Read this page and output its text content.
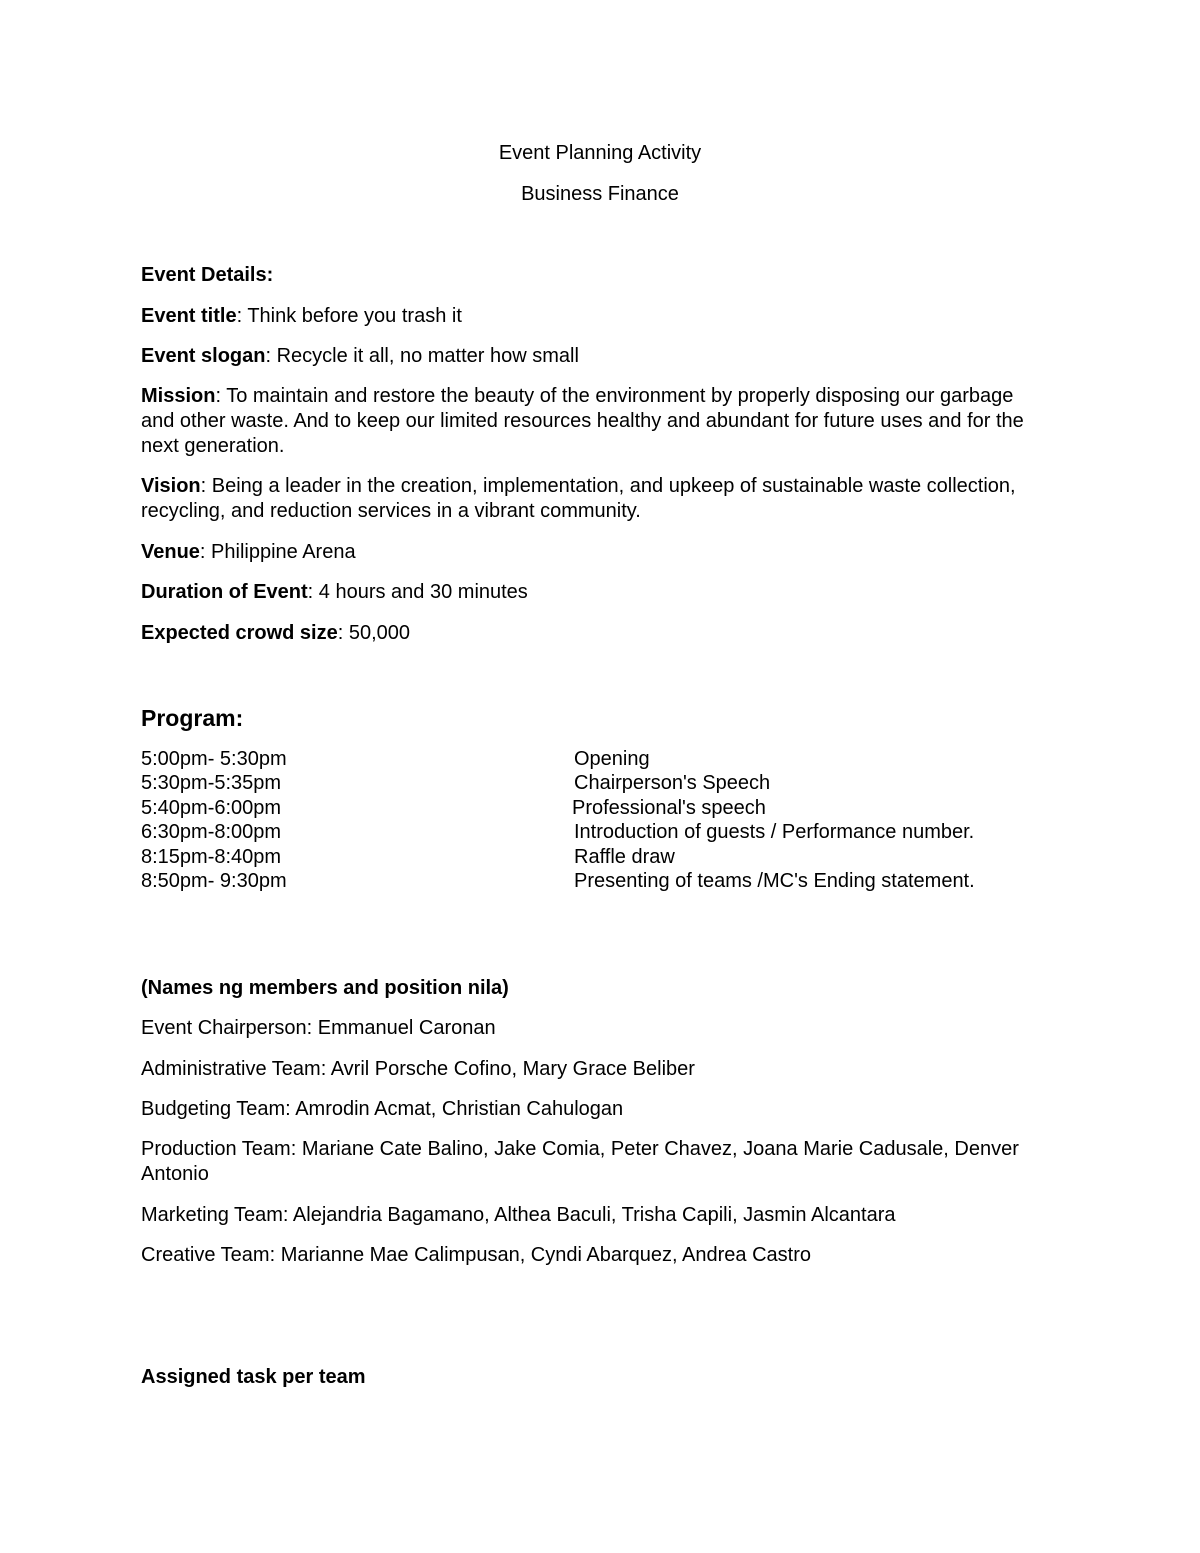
Event Planning Activity
Business Finance
Event Details:
Event title: Think before you trash it
Event slogan: Recycle it all, no matter how small
Mission: To maintain and restore the beauty of the environment by properly disposing our garbage and other waste. And to keep our limited resources healthy and abundant for future uses and for the next generation.
Vision: Being a leader in the creation, implementation, and upkeep of sustainable waste collection, recycling, and reduction services in a vibrant community.
Venue: Philippine Arena
Duration of Event: 4 hours and 30 minutes
Expected crowd size: 50,000
Program:
5:00pm- 5:30pm	Opening
5:30pm-5:35pm	Chairperson's Speech
5:40pm-6:00pm	Professional's speech
6:30pm-8:00pm	Introduction of guests / Performance number.
8:15pm-8:40pm	Raffle draw
8:50pm- 9:30pm	Presenting of teams /MC's Ending statement.
(Names ng members and position nila)
Event Chairperson: Emmanuel Caronan
Administrative Team: Avril Porsche Cofino, Mary Grace Beliber
Budgeting Team: Amrodin Acmat, Christian Cahulogan
Production Team: Mariane Cate Balino, Jake Comia, Peter Chavez, Joana Marie Cadusale, Denver Antonio
Marketing Team: Alejandria Bagamano, Althea Baculi, Trisha Capili, Jasmin Alcantara
Creative Team: Marianne Mae Calimpusan, Cyndi Abarquez, Andrea Castro
Assigned task per team
